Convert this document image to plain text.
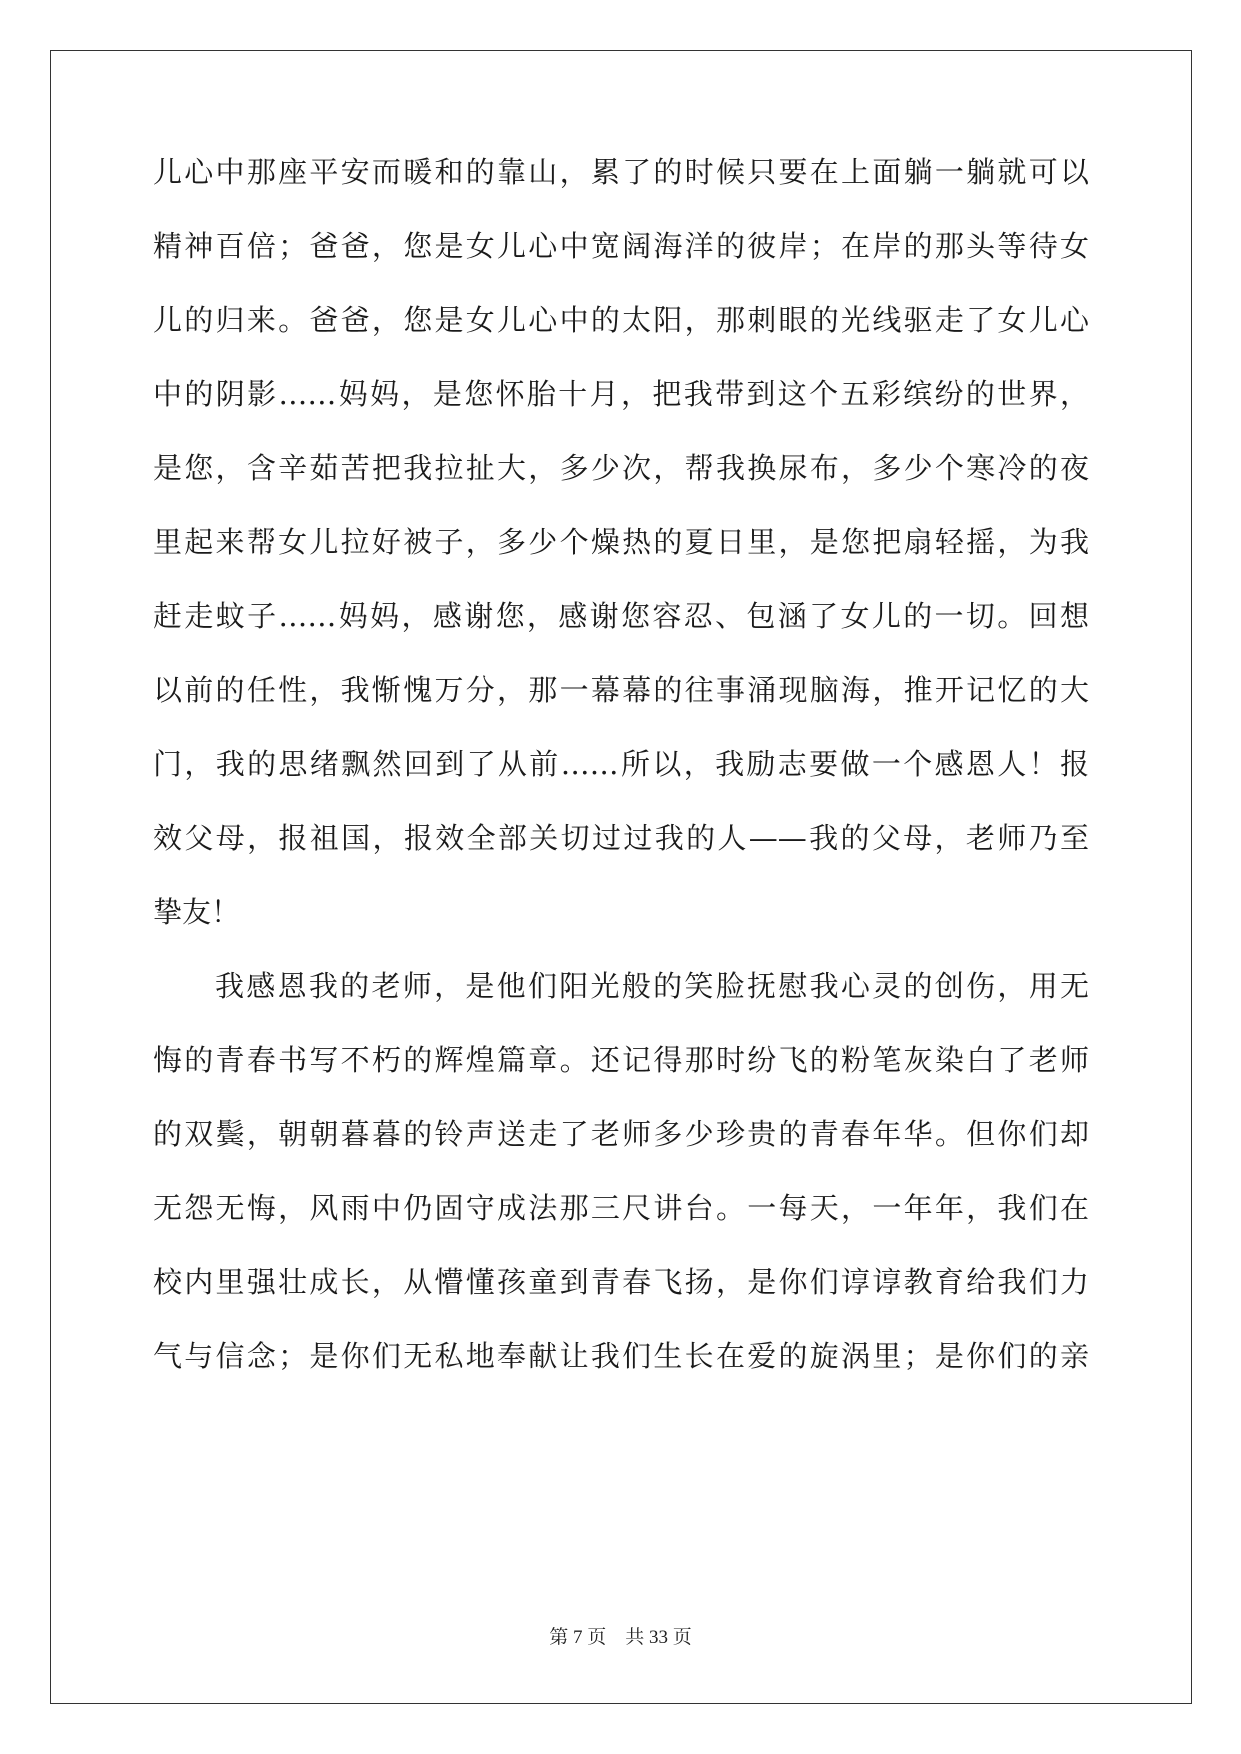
儿心中那座平安而暖和的靠山，累了的时候只要在上面躺一躺就可以
精神百倍；爸爸，您是女儿心中宽阔海洋的彼岸；在岸的那头等待女
儿的归来。爸爸，您是女儿心中的太阳，那刺眼的光线驱走了女儿心
中的阴影……妈妈，是您怀胎十月，把我带到这个五彩缤纷的世界，
是您，含辛茹苦把我拉扯大，多少次，帮我换尿布，多少个寒冷的夜
里起来帮女儿拉好被子，多少个燥热的夏日里，是您把扇轻摇，为我
赶走蚊子……妈妈，感谢您，感谢您容忍、包涵了女儿的一切。回想
以前的任性，我惭愧万分，那一幕幕的往事涌现脑海，推开记忆的大
门，我的思绪飘然回到了从前……所以，我励志要做一个感恩人！报
效父母，报祖国，报效全部关切过过我的人——我的父母，老师乃至
挚友！
我感恩我的老师，是他们阳光般的笑脸抚慰我心灵的创伤，用无
悔的青春书写不朽的辉煌篇章。还记得那时纷飞的粉笔灰染白了老师
的双鬓，朝朝暮暮的铃声送走了老师多少珍贵的青春年华。但你们却
无怨无悔，风雨中仍固守成法那三尺讲台。一每天，一年年，我们在
校内里强壮成长，从懵懂孩童到青春飞扬，是你们谆谆教育给我们力
气与信念；是你们无私地奉献让我们生长在爱的旋涡里；是你们的亲
第 7 页　共 33 页
